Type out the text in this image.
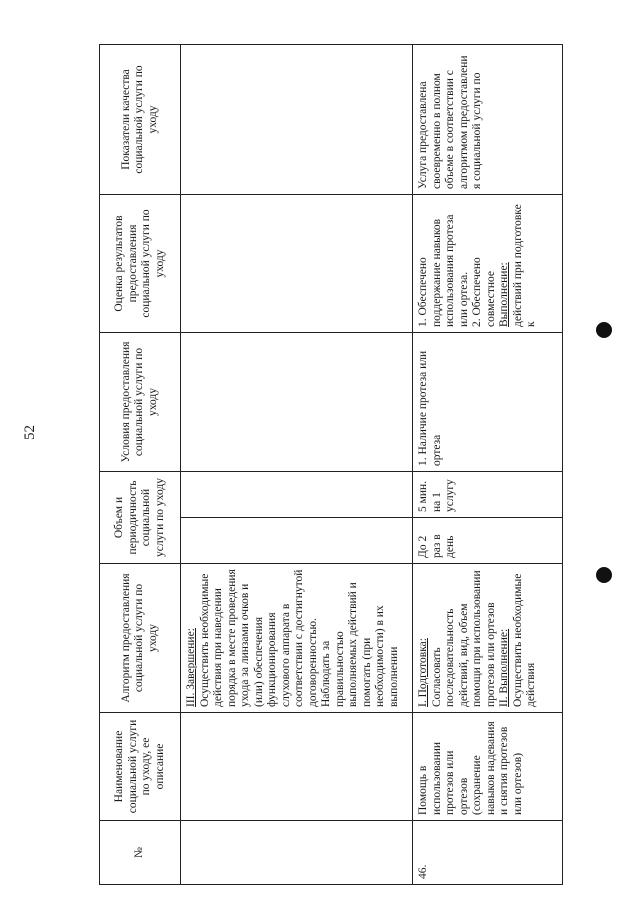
52
№	Наименование социальной услуги по уходу, ее описание	Алгоритм предоставления социальной услуги по уходу	Объем и периодичность социальной услуги по уходу		Условия предоставления социальной услуги по уходу	Оценка результатов предоставления социальной услуги по уходу	Показатели качества социальной услуги по уходу

		III. Завершение: Осуществить необходимые действия при наведении порядка в месте проведения ухода за линзами очков и (или) обеспечения функционирования слухового аппарата в соответствии с достигнутой договоренностью. Наблюдать за правильностью выполняемых действий и помогать (при необходимости) в их выполнении					

46.	Помощь в использовании протезов или ортезов (сохранение навыков надевания и снятия протезов или ортезов)	I. Подготовка: Согласовать последовательность действий, вид, объем помощи при использовании протезов или ортезов II. Выполнение: Осуществить необходимые действия	До 2 раз в день	5 мин. на 1 услугу	1. Наличие протеза или ортеза	1. Обеспечено поддержание навыков использования протеза или ортеза. 2. Обеспечено совместное Выполнение: действий при подготовке к	Услуга предоставлена своевременно в полном объеме в соответствии с алгоритмом предоставлени я социальной услуги по
